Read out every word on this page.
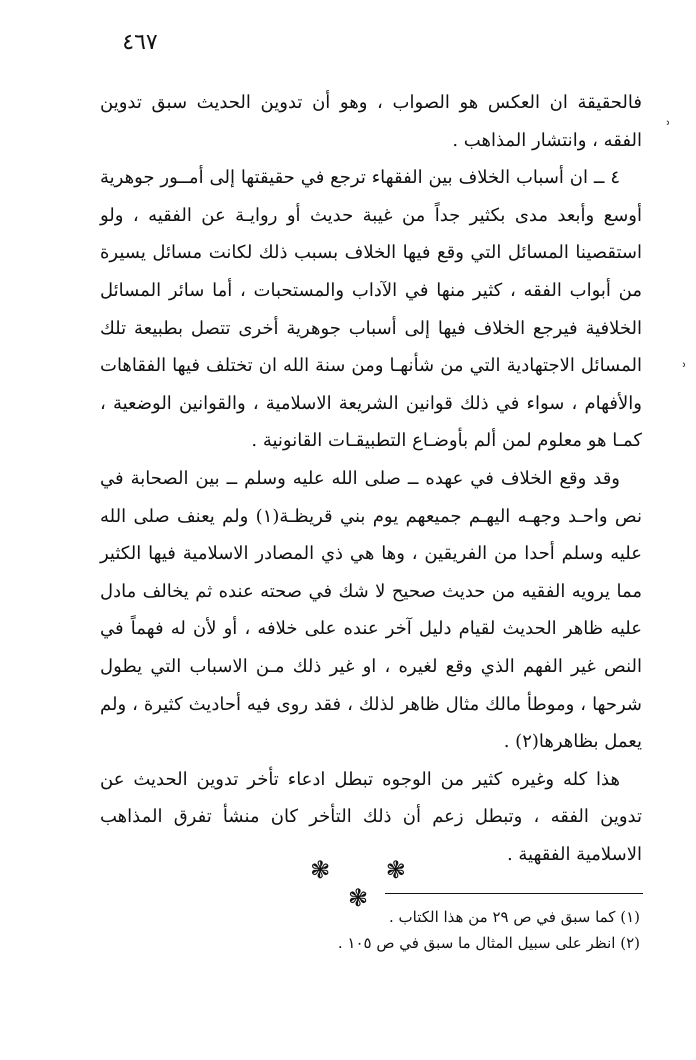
٤٦٧

فالحقيقة ان العكس هو الصواب ، وهو أن تدوين الحديث سبق تدوين الفقه ، وانتشار المذاهب .

٤ ــ ان أسباب الخلاف بين الفقهاء ترجع في حقيقتها إلى أمــور جوهرية أوسع وأبعد مدى بكثير جداً من غيبة حديث أو روايـة عن الفقيه ، ولو استقصينا المسائل التي وقع فيها الخلاف بسبب ذلك لكانت مسائل يسيرة من أبواب الفقه ، كثير منها في الآداب والمستحبات ، أما سائر المسائل الخلافية فيرجع الخلاف فيها إلى أسباب جوهرية أخرى تتصل بطبيعة تلك المسائل الاجتهادية التي من شأنهـا ومن سنة الله ان تختلف فيها الفقاهات والأفهام ، سواء في ذلك قوانين الشريعة الاسلامية ، والقوانين الوضعية ، كمـا هو معلوم لمن ألم بأوضـاع التطبيقـات القانونية .

وقد وقع الخلاف في عهده ــ صلى الله عليه وسلم ــ بين الصحابة في نص واحـد وجهـه اليهـم جميعهم يوم بني قريظـة(١) ولم يعنف صلى الله عليه وسلم أحدا من الفريقين ، وها هي ذي المصادر الاسلامية فيها الكثير مما يرويه الفقيه من حديث صحيح لا شك في صحته عنده ثم يخالف مادل عليه ظاهر الحديث لقيام دليل آخر عنده على خلافه ، أو لأن له فهماً في النص غير الفهم الذي وقع لغيره ، او غير ذلك مـن الاسباب التي يطول شرحها ، وموطأ مالك مثال ظاهر لذلك ، فقد روى فيه أحاديث كثيرة ، ولم يعمل بظاهرها(٢) .

هذا كله وغيره كثير من الوجوه تبطل ادعاء تأخر تدوين الحديث عن تدوين الفقه ، وتبطل زعم أن ذلك التأخر كان منشأ تفرق المذاهب الاسلامية الفقهية .

❃ ❃ ❃

(١) كما سبق في ص ٢٩ من هذا الكتاب .

(٢) انظر على سبيل المثال ما سبق في ص ١٠٥ .

ʾ
ʾ
